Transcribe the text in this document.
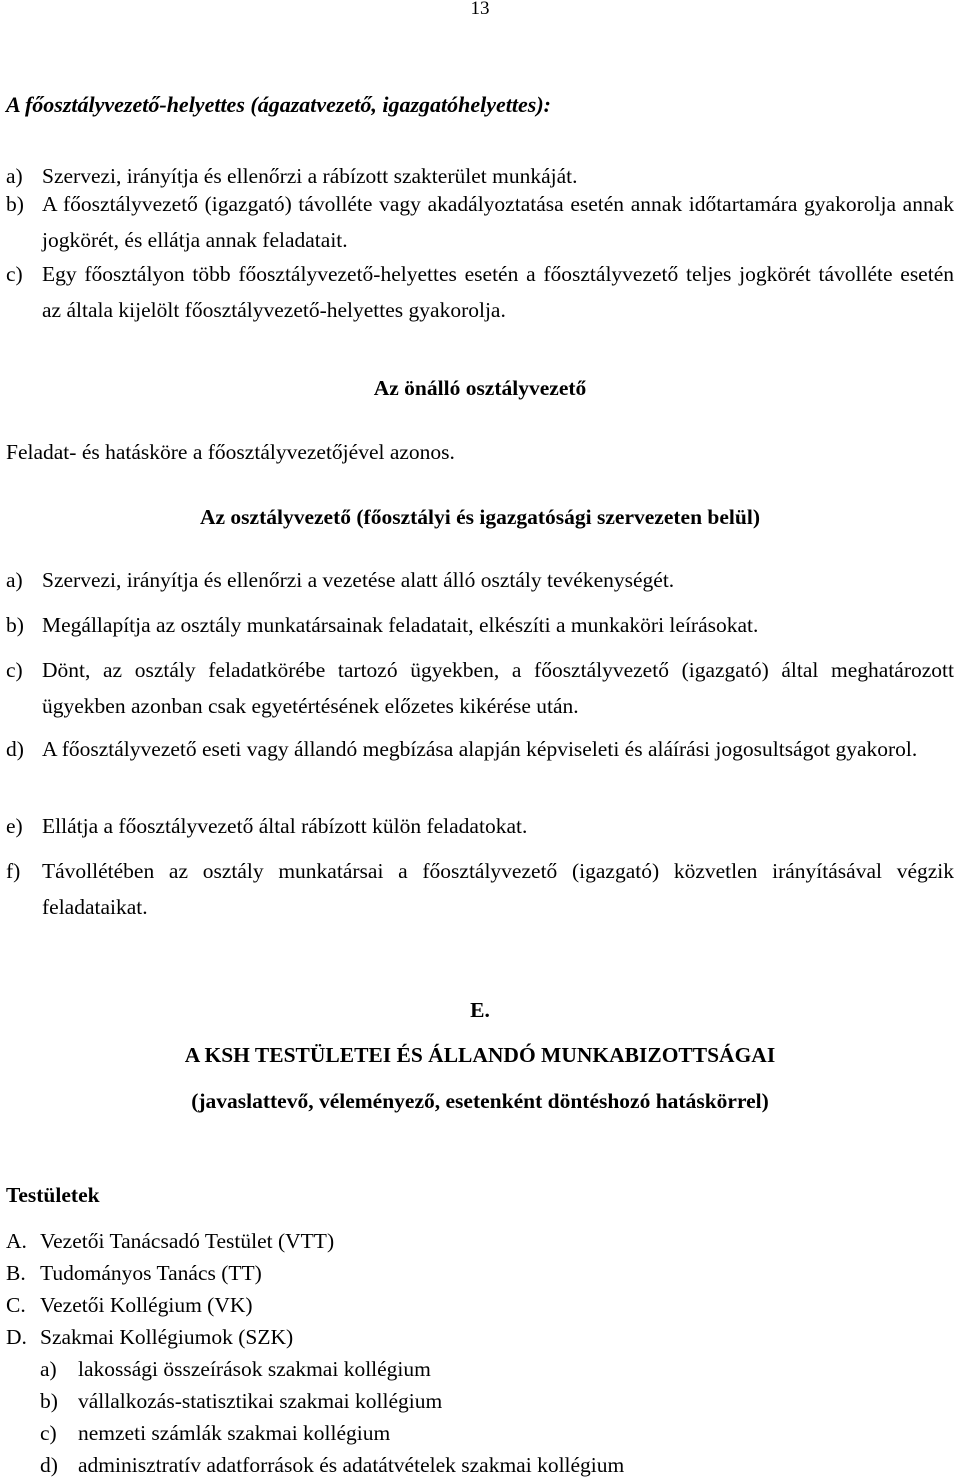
13
A főosztályvezető-helyettes (ágazatvezető, igazgatóhelyettes):
a) Szervezi, irányítja és ellenőrzi a rábízott szakterület munkáját.
b) A főosztályvezető (igazgató) távolléte vagy akadályoztatása esetén annak időtartamára gyakorolja annak jogkörét, és ellátja annak feladatait.
c) Egy főosztályon több főosztályvezető-helyettes esetén a főosztályvezető teljes jogkörét távolléte esetén az általa kijelölt főosztályvezető-helyettes gyakorolja.
Az önálló osztályvezető
Feladat- és hatásköre a főosztályvezetőjével azonos.
Az osztályvezető (főosztályi és igazgatósági szervezeten belül)
a) Szervezi, irányítja és ellenőrzi a vezetése alatt álló osztály tevékenységét.
b) Megállapítja az osztály munkatársainak feladatait, elkészíti a munkaköri leírásokat.
c) Dönt, az osztály feladatkörébe tartozó ügyekben, a főosztályvezető (igazgató) által meghatározott ügyekben azonban csak egyetértésének előzetes kikérése után.
d) A főosztályvezető eseti vagy állandó megbízása alapján képviseleti és aláírási jogosultságot gyakorol.
e) Ellátja a főosztályvezető által rábízott külön feladatokat.
f) Távollétében az osztály munkatársai a főosztályvezető (igazgató) közvetlen irányításával végzik feladataikat.
E.
A KSH TESTÜLETEI ÉS ÁLLANDÓ MUNKABIZOTTSÁGAI
(javaslattevő, véleményező, esetenként döntéshozó hatáskörrel)
Testületek
A. Vezetői Tanácsadó Testület (VTT)
B. Tudományos Tanács (TT)
C. Vezetői Kollégium (VK)
D. Szakmai Kollégiumok (SZK)
a) lakossági összeírások szakmai kollégium
b) vállalkozás-statisztikai szakmai kollégium
c) nemzeti számlák szakmai kollégium
d) adminisztratív adatforrások és adatátvételek szakmai kollégium
